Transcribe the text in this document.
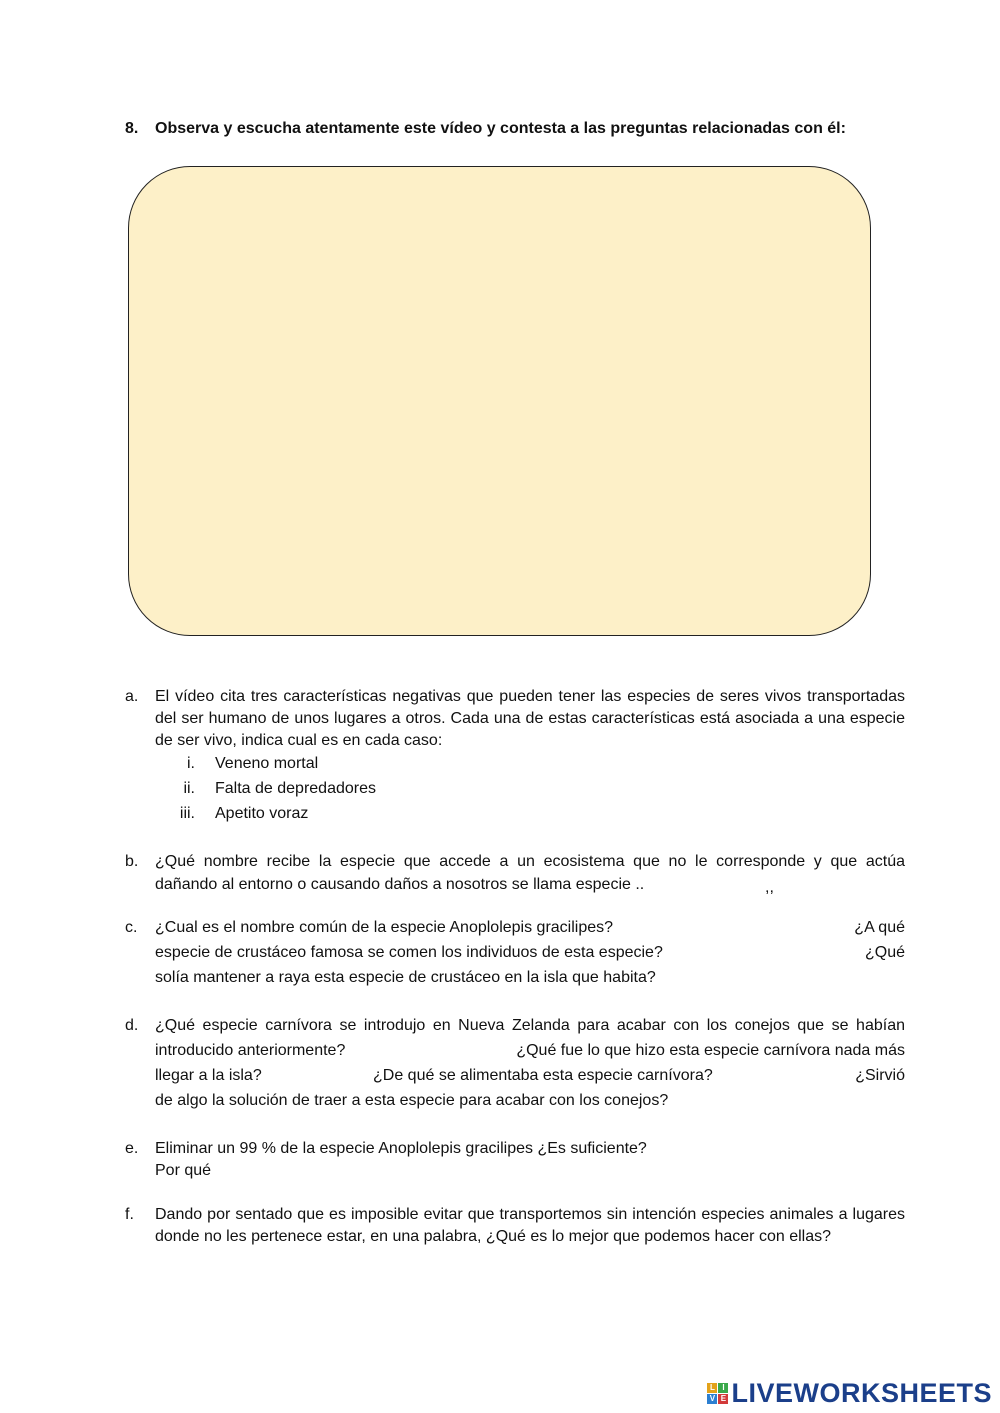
8. Observa y escucha atentamente este vídeo y contesta a las preguntas relacionadas con él:
a. El vídeo cita tres características negativas que pueden tener las especies de seres vivos transportadas del ser humano de unos lugares a otros. Cada una de estas características está asociada a una especie de ser vivo, indica cual es en cada caso:
i. Veneno mortal
ii. Falta de depredadores
iii. Apetito voraz
b. ¿Qué nombre recibe la especie que accede a un ecosistema que no le corresponde y que actúa
dañando al entorno o causando daños a nosotros se llama especie ..	,,
c. ¿Cual es el nombre común de la especie Anoplolepis gracilipes?	¿A qué
especie de crustáceo famosa se comen los individuos de esta especie?	¿Qué
solía mantener a raya esta especie de crustáceo en la isla que habita?
d. ¿Qué especie carnívora se introdujo en Nueva Zelanda para acabar con los conejos que se habían
introducido anteriormente?	¿Qué fue lo que hizo esta especie carnívora nada más
llegar a la isla?	¿De qué se alimentaba esta especie carnívora?	¿Sirvió
de algo la solución de traer a esta especie para acabar con los conejos?
e. Eliminar un 99 % de la especie Anoplolepis gracilipes ¿Es suficiente?
Por qué
f. Dando por sentado que es imposible evitar que transportemos sin intención especies animales a lugares donde no les pertenece estar, en una palabra, ¿Qué es lo mejor que podemos hacer con ellas?
L I
V E LIVEWORKSHEETS
